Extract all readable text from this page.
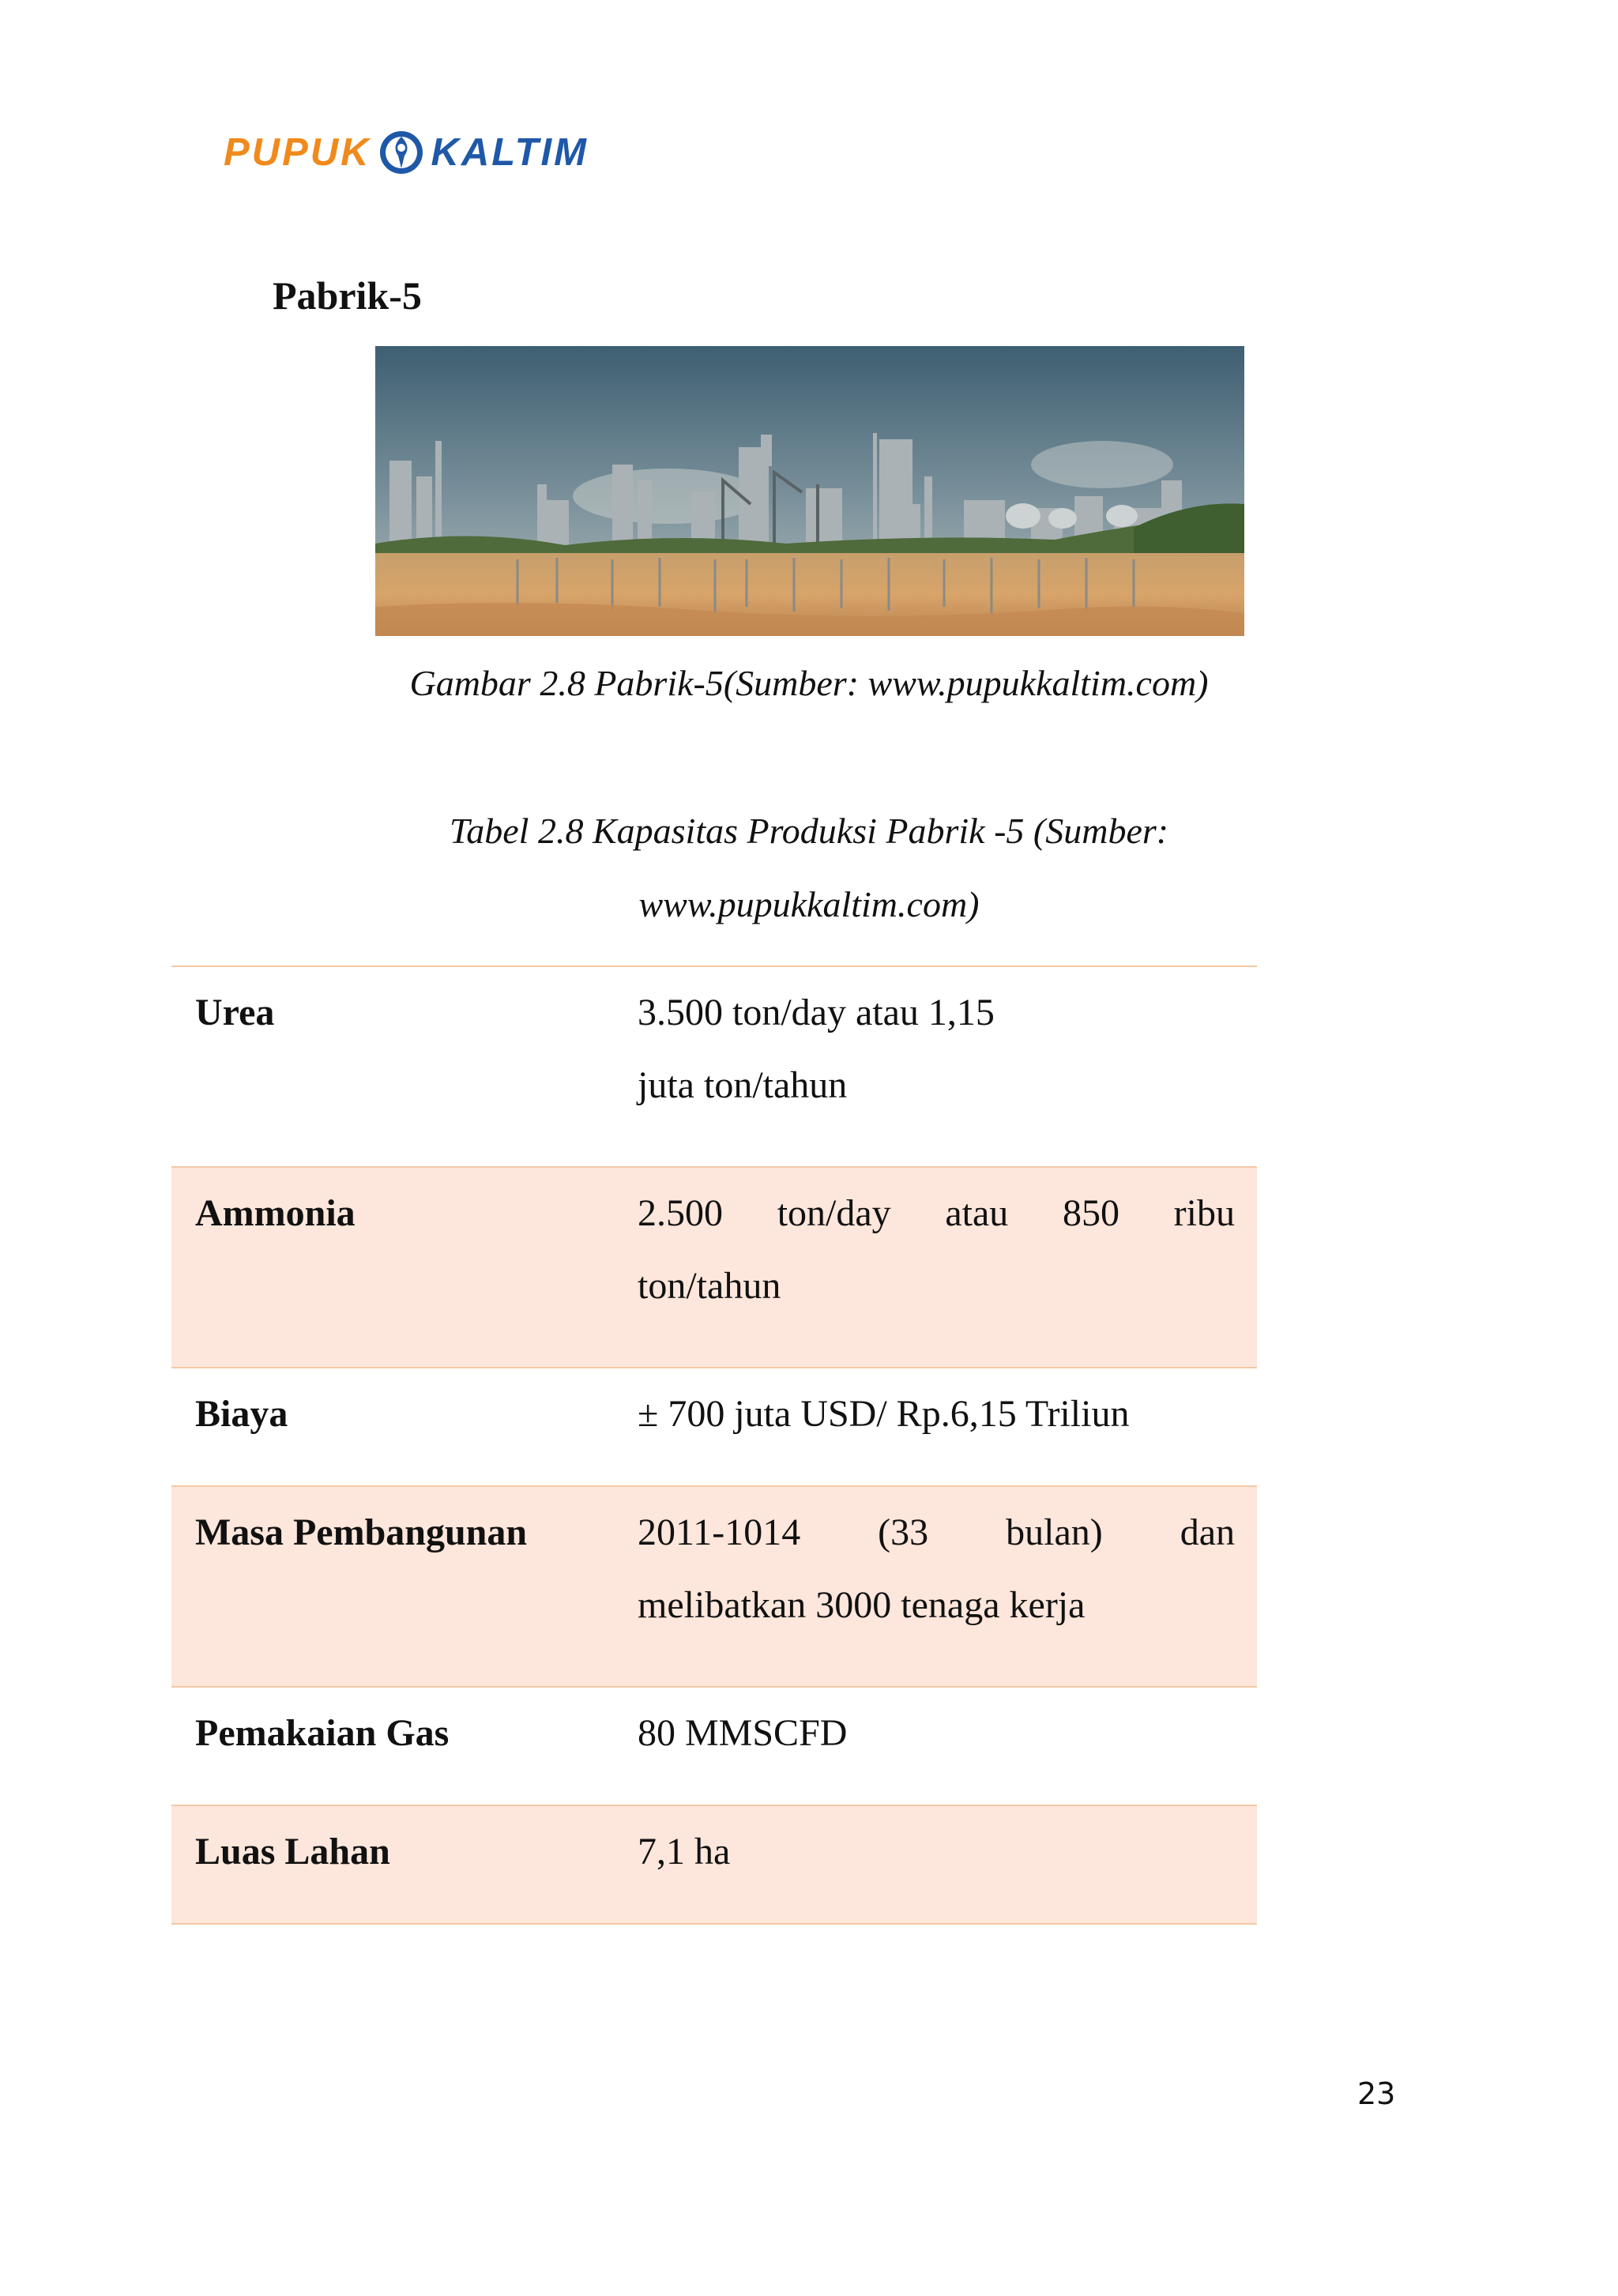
PUPUK KALTIM
Pabrik-5

Gambar 2.8 Pabrik-5(Sumber: www.pupukkaltim.com)

Tabel 2.8 Kapasitas Produksi Pabrik -5 (Sumber:

www.pupukkaltim.com)

Urea	3.500 ton/day atau 1,15
juta ton/tahun

Ammonia	2.500 ton/day atau 850 ribu
ton/tahun

Biaya	± 700 juta USD/ Rp.6,15 Triliun

Masa Pembangunan	2011-1014 (33 bulan) dan
melibatkan 3000 tenaga kerja

Pemakaian Gas	80 MMSCFD

Luas Lahan	7,1 ha

23
